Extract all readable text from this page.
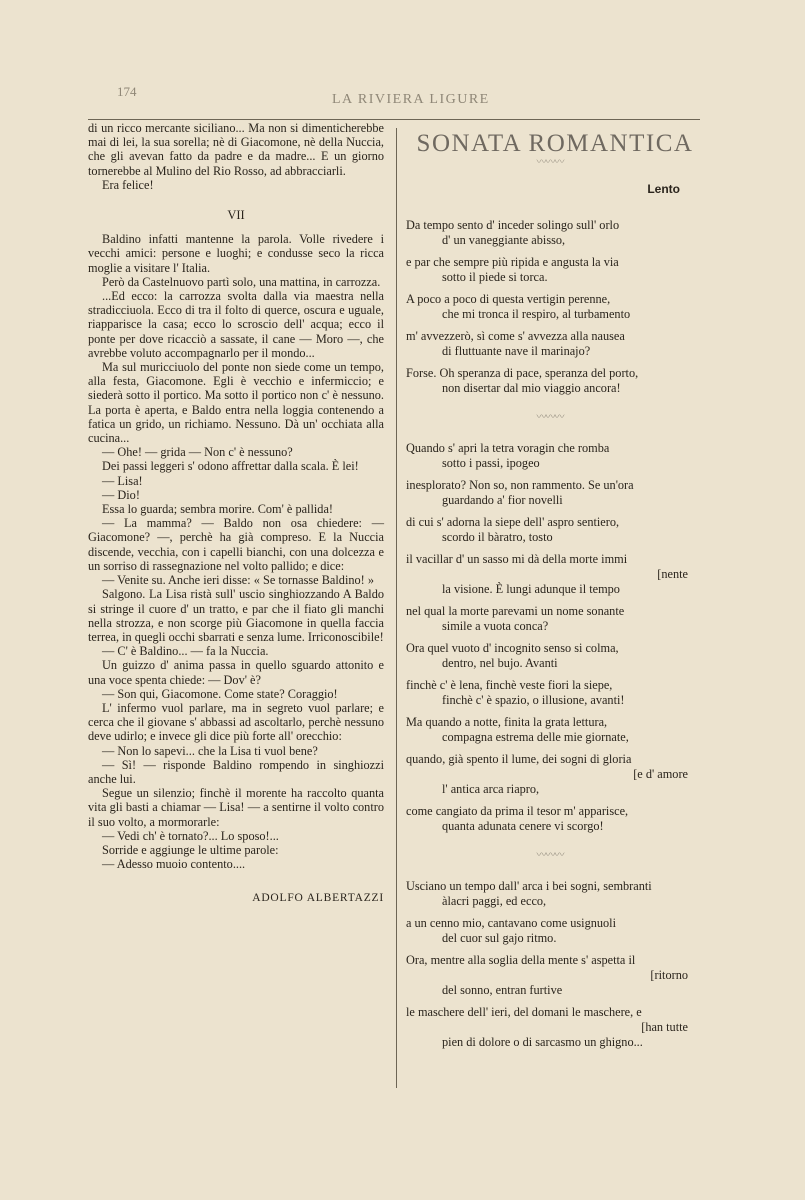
174
LA RIVIERA LIGURE

di un ricco mercante siciliano... Ma non si dimenticherebbe mai di lei, la sua sorella; nè di Giacomone, nè della Nuccia, che gli avevan fatto da padre e da madre... E un giorno tornerebbe al Mulino del Rio Rosso, ad abbracciarli.

Era felice!

VII

Baldino infatti mantenne la parola. Volle rivedere i vecchi amici: persone e luoghi; e condusse seco la ricca moglie a visitare l' Italia.

Però da Castelnuovo partì solo, una mattina, in carrozza.

...Ed ecco: la carrozza svolta dalla via maestra nella stradicciuola. Ecco di tra il folto di querce, oscura e uguale, riapparisce la casa; ecco lo scroscio dell' acqua; ecco il ponte per dove ricacciò a sassate, il cane — Moro —, che avrebbe voluto accompagnarlo per il mondo...

Ma sul muricciuolo del ponte non siede come un tempo, alla festa, Giacomone. Egli è vecchio e infermiccio; e siederà sotto il portico. Ma sotto il portico non c' è nessuno. La porta è aperta, e Baldo entra nella loggia contenendo a fatica un grido, un richiamo. Nessuno. Dà un' occhiata alla cucina...

— Ohe! — grida — Non c' è nessuno?

Dei passi leggeri s' odono affrettar dalla scala. È lei!

— Lisa!

— Dio!

Essa lo guarda; sembra morire. Com' è pallida!

— La mamma? — Baldo non osa chiedere: — Giacomone? —, perchè ha già compreso. E la Nuccia discende, vecchia, con i capelli bianchi, con una dolcezza e un sorriso di rassegnazione nel volto pallido; e dice:

— Venite su. Anche ieri disse: « Se tornasse Baldino! »

Salgono. La Lisa ristà sull' uscio singhiozzando A Baldo si stringe il cuore d' un tratto, e par che il fiato gli manchi nella strozza, e non scorge più Giacomone in quella faccia terrea, in quegli occhi sbarrati e senza lume. Irriconoscibile!

— C' è Baldino... — fa la Nuccia.

Un guizzo d' anima passa in quello sguardo attonito e una voce spenta chiede: — Dov' è?

— Son qui, Giacomone. Come state? Coraggio!

L' infermo vuol parlare, ma in segreto vuol parlare; e cerca che il giovane s' abbassi ad ascoltarlo, perchè nessuno deve udirlo; e invece gli dice più forte all' orecchio:

— Non lo sapevi... che la Lisa ti vuol bene?

— Sì! — risponde Baldino rompendo in singhiozzi anche lui.

Segue un silenzio; finchè il morente ha raccolto quanta vita gli basti a chiamar — Lisa! — a sentirne il volto contro il suo volto, a mormorarle:

— Vedi ch' è tornato?... Lo sposo!...

Sorride e aggiunge le ultime parole:

— Adesso muoio contento....

ADOLFO ALBERTAZZI

SONATA ROMANTICA
〰〰〰
Lento
Da tempo sento d' inceder solingo sull' orlo
d' un vaneggiante abisso,
e par che sempre più ripida e angusta la via
sotto il piede si torca.
A poco a poco di questa vertigin perenne,
che mi tronca il respiro, al turbamento
m' avvezzerò, sì come s' avvezza alla nausea
di fluttuante nave il marinajo?
Forse. Oh speranza di pace, speranza del porto,
non disertar dal mio viaggio ancora!
〰〰〰
Quando s' apri la tetra voragin che romba
sotto i passi, ipogeo
inesplorato? Non so, non rammento. Se un'ora
guardando a' fior novelli
di cui s' adorna la siepe dell' aspro sentiero,
scordo il bàratro, tosto
il vacillar d' un sasso mi dà della morte immi
[nente
la visione. È lungi adunque il tempo
nel qual la morte parevami un nome sonante
simile a vuota conca?
Ora quel vuoto d' incognito senso si colma,
dentro, nel bujo. Avanti
finchè c' è lena, finchè veste fiori la siepe,
finchè c' è spazio, o illusione, avanti!
Ma quando a notte, finita la grata lettura,
compagna estrema delle mie giornate,
quando, già spento il lume, dei sogni di gloria
[e d' amore
l' antica arca riapro,
come cangiato da prima il tesor m' apparisce,
quanta adunata cenere vi scorgo!
〰〰〰
Usciano un tempo dall' arca i bei sogni, sembranti
àlacri paggi, ed ecco,
a un cenno mio, cantavano come usignuoli
del cuor sul gajo ritmo.
Ora, mentre alla soglia della mente s' aspetta il
[ritorno
del sonno, entran furtive
le maschere dell' ieri, del domani le maschere, e
[han tutte
pien di dolore o di sarcasmo un ghigno...
